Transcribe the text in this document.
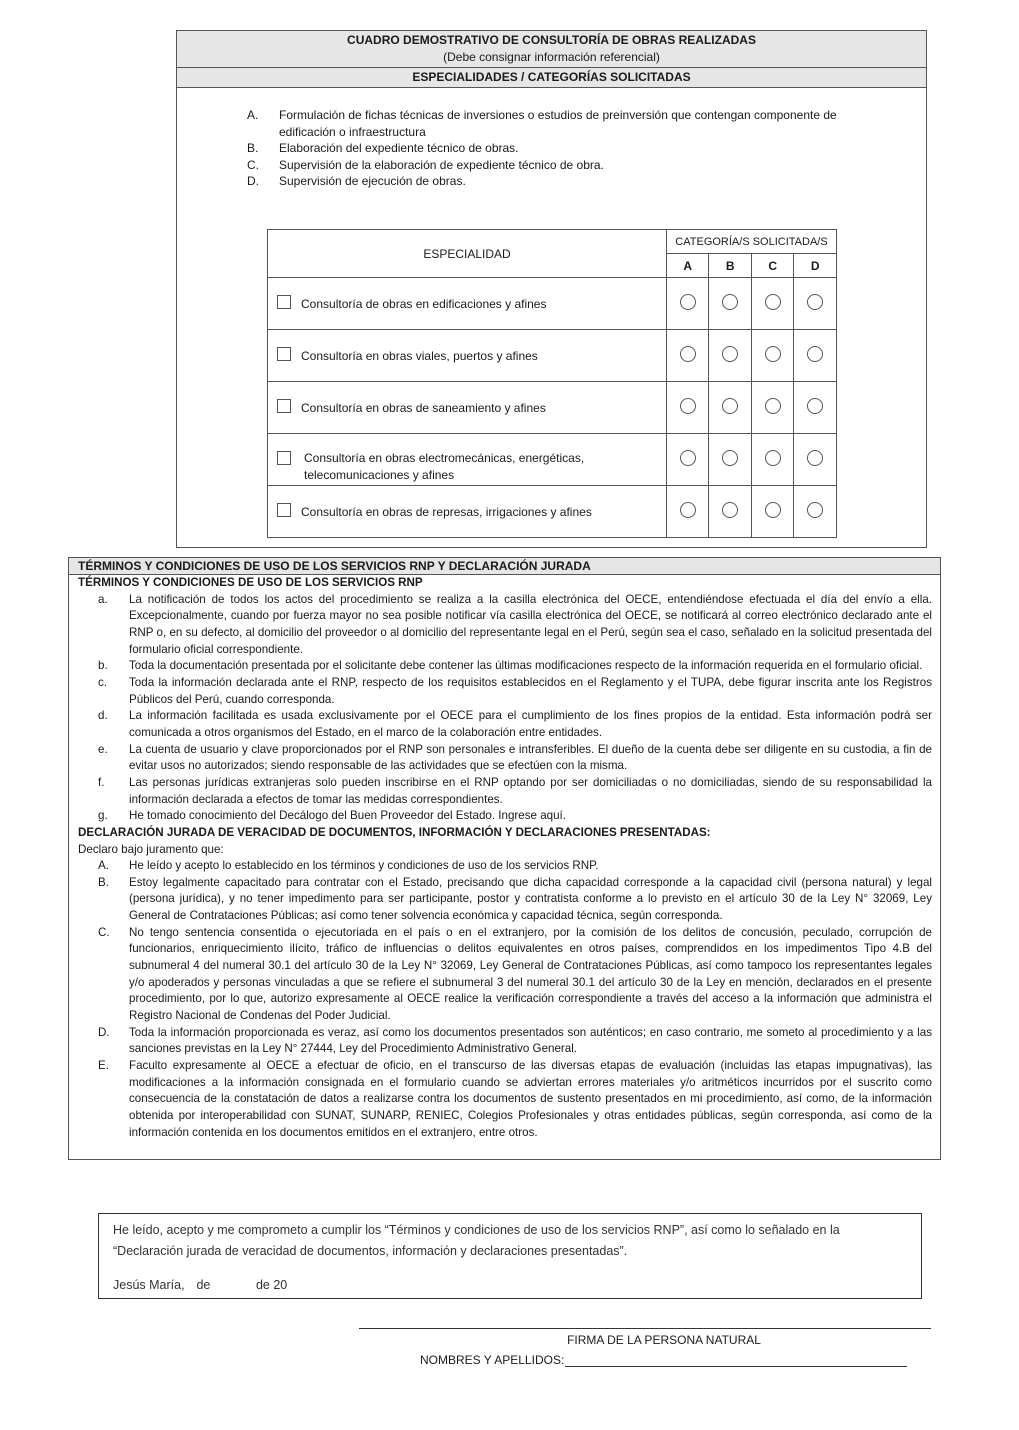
CUADRO DEMOSTRATIVO DE CONSULTORÍA DE OBRAS REALIZADAS
(Debe consignar información referencial)
ESPECIALIDADES / CATEGORÍAS SOLICITADAS
A.	Formulación de fichas técnicas de inversiones o estudios de preinversión que contengan componente de edificación o infraestructura
B.	Elaboración del expediente técnico de obras.
C.	Supervisión de la elaboración de expediente técnico de obra.
D.	Supervisión de ejecución de obras.
ESPECIALIDAD	CATEGORÍA/S SOLICITADA/S			
	A	B	C	D

Consultoría de obras en edificaciones y afines				

Consultoría en obras viales, puertos y afines				

Consultoría en obras de saneamiento y afines				

Consultoría en obras electromecánicas, energéticas, telecomunicaciones y afines				

Consultoría en obras de represas, irrigaciones y afines				

TÉRMINOS Y CONDICIONES DE USO DE LOS SERVICIOS RNP Y DECLARACIÓN JURADA
TÉRMINOS Y CONDICIONES DE USO DE LOS SERVICIOS RNP
a.	La notificación de todos los actos del procedimiento se realiza a la casilla electrónica del OECE, entendiéndose efectuada el día del envío a ella. Excepcionalmente, cuando por fuerza mayor no sea posible notificar vía casilla electrónica del OECE, se notificará al correo electrónico declarado ante el RNP o, en su defecto, al domicilio del proveedor o al domicilio del representante legal en el Perú, según sea el caso, señalado en la solicitud presentada del formulario oficial correspondiente.
b.	Toda la documentación presentada por el solicitante debe contener las últimas modificaciones respecto de la información requerida en el formulario oficial.
c.	Toda la información declarada ante el RNP, respecto de los requisitos establecidos en el Reglamento y el TUPA, debe figurar inscrita ante los Registros Públicos del Perú, cuando corresponda.
d.	La información facilitada es usada exclusivamente por el OECE para el cumplimiento de los fines propios de la entidad. Esta información podrá ser comunicada a otros organismos del Estado, en el marco de la colaboración entre entidades.
e.	La cuenta de usuario y clave proporcionados por el RNP son personales e intransferibles. El dueño de la cuenta debe ser diligente en su custodia, a fin de evitar usos no autorizados; siendo responsable de las actividades que se efectúen con la misma.
f.	Las personas jurídicas extranjeras solo pueden inscribirse en el RNP optando por ser domiciliadas o no domiciliadas, siendo de su responsabilidad la información declarada a efectos de tomar las medidas correspondientes.
g.	He tomado conocimiento del Decálogo del Buen Proveedor del Estado. Ingrese aquí.
DECLARACIÓN JURADA DE VERACIDAD DE DOCUMENTOS, INFORMACIÓN Y DECLARACIONES PRESENTADAS:
Declaro bajo juramento que:
A.	He leído y acepto lo establecido en los términos y condiciones de uso de los servicios RNP.
B.	Estoy legalmente capacitado para contratar con el Estado, precisando que dicha capacidad corresponde a la capacidad civil (persona natural) y legal (persona jurídica), y no tener impedimento para ser participante, postor y contratista conforme a lo previsto en el artículo 30 de la Ley N° 32069, Ley General de Contrataciones Públicas; así como tener solvencia económica y capacidad técnica, según corresponda.
C.	No tengo sentencia consentida o ejecutoriada en el país o en el extranjero, por la comisión de los delitos de concusión, peculado, corrupción de funcionarios, enriquecimiento ilícito, tráfico de influencias o delitos equivalentes en otros países, comprendidos en los impedimentos Tipo 4.B del subnumeral 4 del numeral 30.1 del artículo 30 de la Ley N° 32069, Ley General de Contrataciones Públicas, así como tampoco los representantes legales y/o apoderados y personas vinculadas a que se refiere el subnumeral 3 del numeral 30.1 del artículo 30 de la Ley en mención, declarados en el presente procedimiento, por lo que, autorizo expresamente al OECE realice la verificación correspondiente a través del acceso a la información que administra el Registro Nacional de Condenas del Poder Judicial.
D.	Toda la información proporcionada es veraz, así como los documentos presentados son auténticos; en caso contrario, me someto al procedimiento y a las sanciones previstas en la Ley N° 27444, Ley del Procedimiento Administrativo General.
E.	Faculto expresamente al OECE a efectuar de oficio, en el transcurso de las diversas etapas de evaluación (incluidas las etapas impugnativas), las modificaciones a la información consignada en el formulario cuando se adviertan errores materiales y/o aritméticos incurridos por el suscrito como consecuencia de la constatación de datos a realizarse contra los documentos de sustento presentados en mi procedimiento, así como, de la información obtenida por interoperabilidad con SUNAT, SUNARP, RENIEC, Colegios Profesionales y otras entidades públicas, según corresponda, así como de la información contenida en los documentos emitidos en el extranjero, entre otros.
He leído, acepto y me comprometo a cumplir los “Términos y condiciones de uso de los servicios RNP”, así como lo señalado en la “Declaración jurada de veracidad de documentos, información y declaraciones presentadas”.
Jesús María, de	de 20
FIRMA DE LA PERSONA NATURAL
NOMBRES Y APELLIDOS:
